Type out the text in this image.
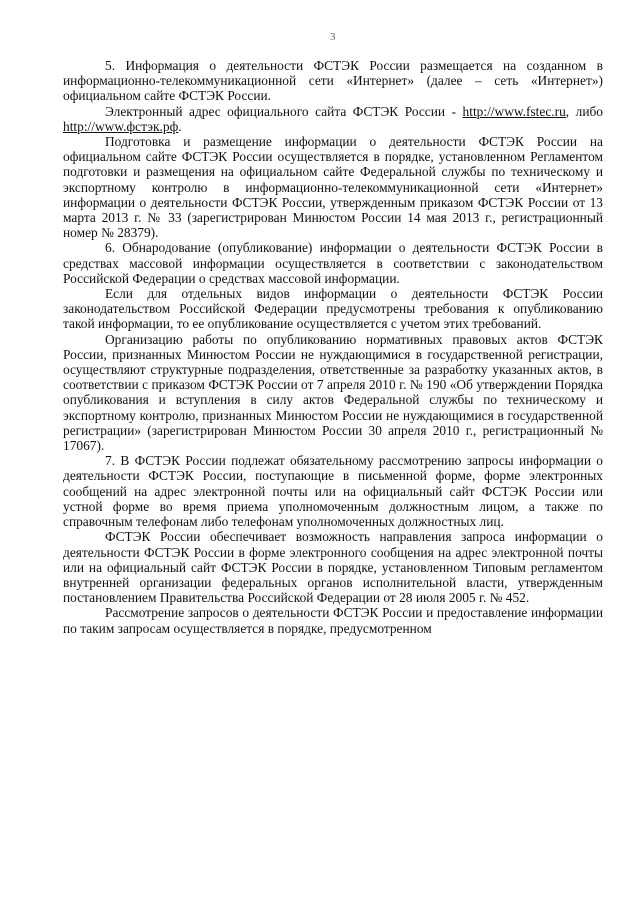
3

5. Информация о деятельности ФСТЭК России размещается на созданном в информационно-телекоммуникационной сети «Интернет» (далее – сеть «Интернет») официальном сайте ФСТЭК России.

Электронный адрес официального сайта ФСТЭК России - http://www.fstec.ru, либо http://www.фстэк.рф.

Подготовка и размещение информации о деятельности ФСТЭК России на официальном сайте ФСТЭК России осуществляется в порядке, установленном Регламентом подготовки и размещения на официальном сайте Федеральной службы по техническому и экспортному контролю в информационно-телекоммуникационной сети «Интернет» информации о деятельности ФСТЭК России, утвержденным приказом ФСТЭК России от 13 марта 2013 г. № 33 (зарегистрирован Минюстом России 14 мая 2013 г., регистрационный номер № 28379).

6. Обнародование (опубликование) информации о деятельности ФСТЭК России в средствах массовой информации осуществляется в соответствии с законодательством Российской Федерации о средствах массовой информации.

Если для отдельных видов информации о деятельности ФСТЭК России законодательством Российской Федерации предусмотрены требования к опубликованию такой информации, то ее опубликование осуществляется с учетом этих требований.

Организацию работы по опубликованию нормативных правовых актов ФСТЭК России, признанных Минюстом России не нуждающимися в государственной регистрации, осуществляют структурные подразделения, ответственные за разработку указанных актов, в соответствии с приказом ФСТЭК России от 7 апреля 2010 г. № 190 «Об утверждении Порядка опубликования и вступления в силу актов Федеральной службы по техническому и экспортному контролю, признанных Минюстом России не нуждающимися в государственной регистрации» (зарегистрирован Минюстом России 30 апреля 2010 г., регистрационный № 17067).

7. В ФСТЭК России подлежат обязательному рассмотрению запросы информации о деятельности ФСТЭК России, поступающие в письменной форме, форме электронных сообщений на адрес электронной почты или на официальный сайт ФСТЭК России или устной форме во время приема уполномоченным должностным лицом, а также по справочным телефонам либо телефонам уполномоченных должностных лиц.

ФСТЭК России обеспечивает возможность направления запроса информации о деятельности ФСТЭК России в форме электронного сообщения на адрес электронной почты или на официальный сайт ФСТЭК России в порядке, установленном Типовым регламентом внутренней организации федеральных органов исполнительной власти, утвержденным постановлением Правительства Российской Федерации от 28 июля 2005 г. № 452.

Рассмотрение запросов о деятельности ФСТЭК России и предоставление информации по таким запросам осуществляется в порядке, предусмотренном
